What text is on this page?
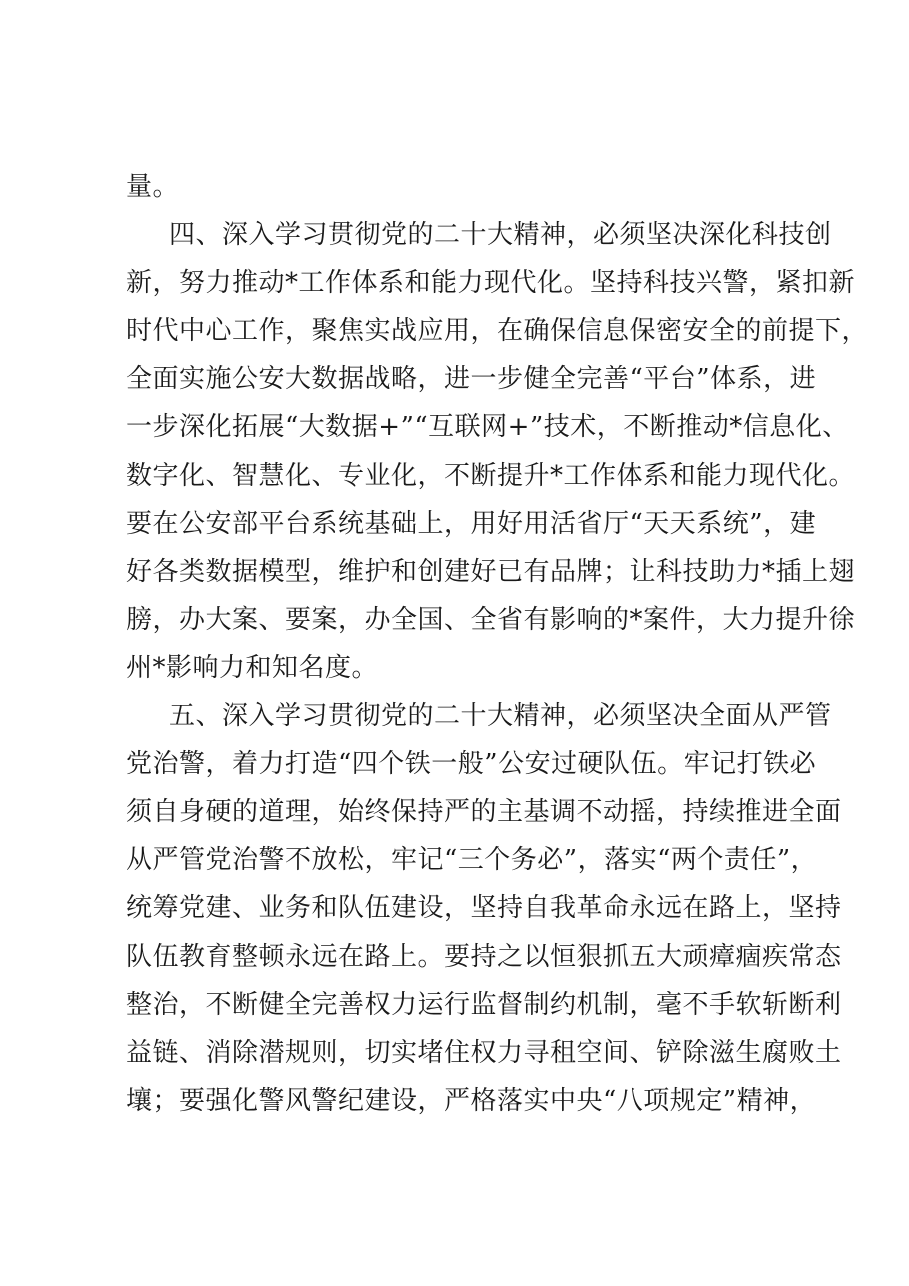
量。
四、深入学习贯彻党的二十大精神，必须坚决深化科技创
新，努力推动*工作体系和能力现代化。坚持科技兴警，紧扣新
时代中心工作，聚焦实战应用，在确保信息保密安全的前提下，
全面实施公安大数据战略，进一步健全完善“平台”体系，进
一步深化拓展“大数据+”“互联网+”技术，不断推动*信息化、
数字化、智慧化、专业化，不断提升*工作体系和能力现代化。
要在公安部平台系统基础上，用好用活省厅“天天系统”，建
好各类数据模型，维护和创建好已有品牌；让科技助力*插上翅
膀，办大案、要案，办全国、全省有影响的*案件，大力提升徐
州*影响力和知名度。
五、深入学习贯彻党的二十大精神，必须坚决全面从严管
党治警，着力打造“四个铁一般”公安过硬队伍。牢记打铁必
须自身硬的道理，始终保持严的主基调不动摇，持续推进全面
从严管党治警不放松，牢记“三个务必”，落实“两个责任”，
统筹党建、业务和队伍建设，坚持自我革命永远在路上，坚持
队伍教育整顿永远在路上。要持之以恒狠抓五大顽瘴痼疾常态
整治，不断健全完善权力运行监督制约机制，毫不手软斩断利
益链、消除潜规则，切实堵住权力寻租空间、铲除滋生腐败土
壤；要强化警风警纪建设，严格落实中央“八项规定”精神，
